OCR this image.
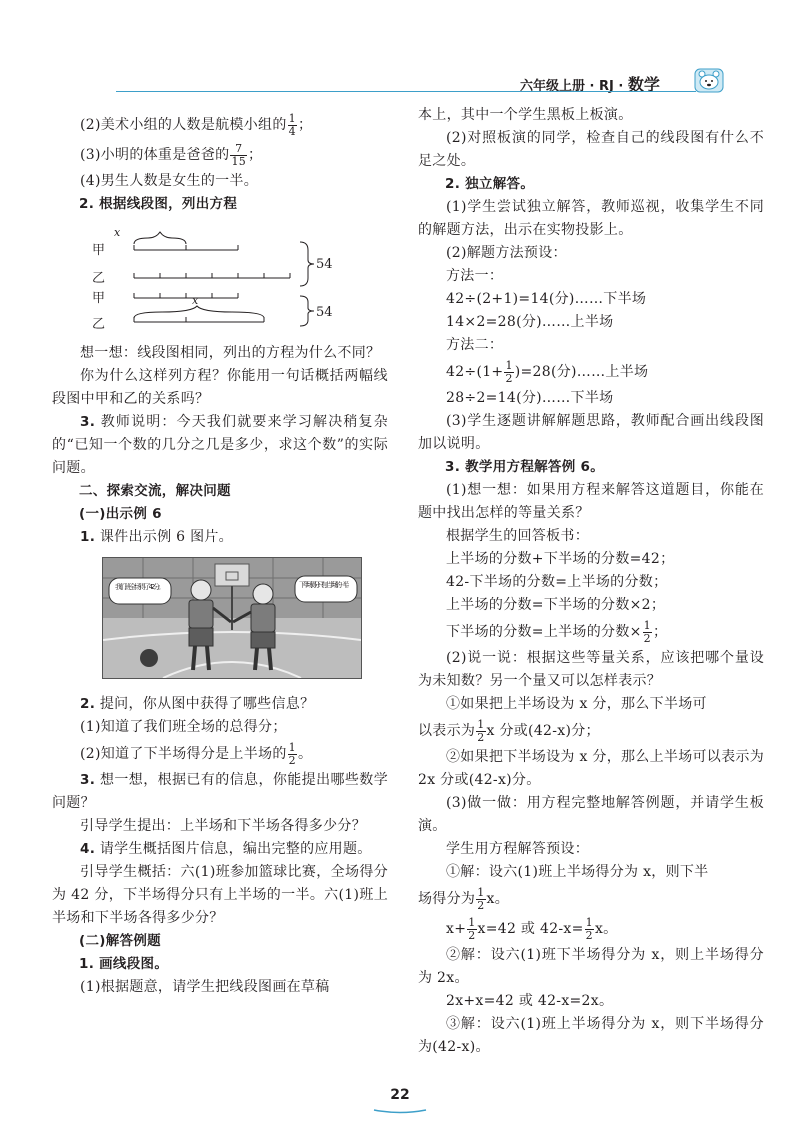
六年级上册 · RJ · 数学

(2)美术小组的人数是航模小组的 $\frac{1}{4}$ ；

(3)小明的体重是爸爸的 $\frac{7}{15}$ ；

(4)男生人数是女生的一半。

2. 根据线段图，列出方程

x
甲
乙
54
甲
乙
x
54

想一想：线段图相同，列出的方程为什么不同？

你为什么这样列方程？你能用一句话概括两幅线段图中甲和乙的关系吗？

3. 教师说明：今天我们就要来学习解决稍复杂的“已知一个数的几分之几是多少，求这个数”的实际问题。

二、探索交流，解决问题

(一)出示例 6

1. 课件出示例 6 图片。

我们班全场得了42分。	下半场得分只有上半场的一半。

2. 提问，你从图中获得了哪些信息？

(1)知道了我们班全场的总得分；

(2)知道了下半场得分是上半场的 $\frac{1}{2}$ 。

3. 想一想，根据已有的信息，你能提出哪些数学问题？

引导学生提出：上半场和下半场各得多少分？

4. 请学生概括图片信息，编出完整的应用题。

引导学生概括：六(1)班参加篮球比赛，全场得分为 42 分，下半场得分只有上半场的一半。六(1)班上半场和下半场各得多少分？

(二)解答例题

1. 画线段图。

(1)根据题意，请学生把线段图画在草稿

本上，其中一个学生黑板上板演。

(2)对照板演的同学，检查自己的线段图有什么不足之处。

2. 独立解答。

(1)学生尝试独立解答，教师巡视，收集学生不同的解题方法，出示在实物投影上。

(2)解题方法预设：

方法一：

42÷(2+1)=14(分)……下半场

14×2=28(分)……上半场

方法二：

$42\div(1+ \frac{1}{2} )=28$(分)……上半场

28÷2=14(分)……下半场

(3)学生逐题讲解解题思路，教师配合画出线段图加以说明。

3. 教学用方程解答例 6。

(1)想一想：如果用方程来解答这道题目，你能在题中找出怎样的等量关系？

根据学生的回答板书：

上半场的分数+下半场的分数=42；

42-下半场的分数=上半场的分数；

上半场的分数=下半场的分数×2；

下半场的分数=上半场的分数× $\frac{1}{2}$ ；

(2)说一说：根据这些等量关系，应该把哪个量设为未知数？另一个量又可以怎样表示？

①如果把上半场设为 x 分，那么下半场可

以表示为 $\frac{1}{2}$ x 分或(42-x)分；

②如果把下半场设为 x 分，那么上半场可以表示为 2x 分或(42-x)分。

(3)做一做：用方程完整地解答例题，并请学生板演。

学生用方程解答预设：

①解：设六(1)班上半场得分为 x，则下半

场得分为 $\frac{1}{2}$ x。

$x+ \frac{1}{2} x=42$ 或 $42-x= \frac{1}{2}$ x。

②解：设六(1)班下半场得分为 x，则上半场得分为 2x。

2x+x=42 或 42-x=2x。

③解：设六(1)班上半场得分为 x，则下半场得分为(42-x)。

22
